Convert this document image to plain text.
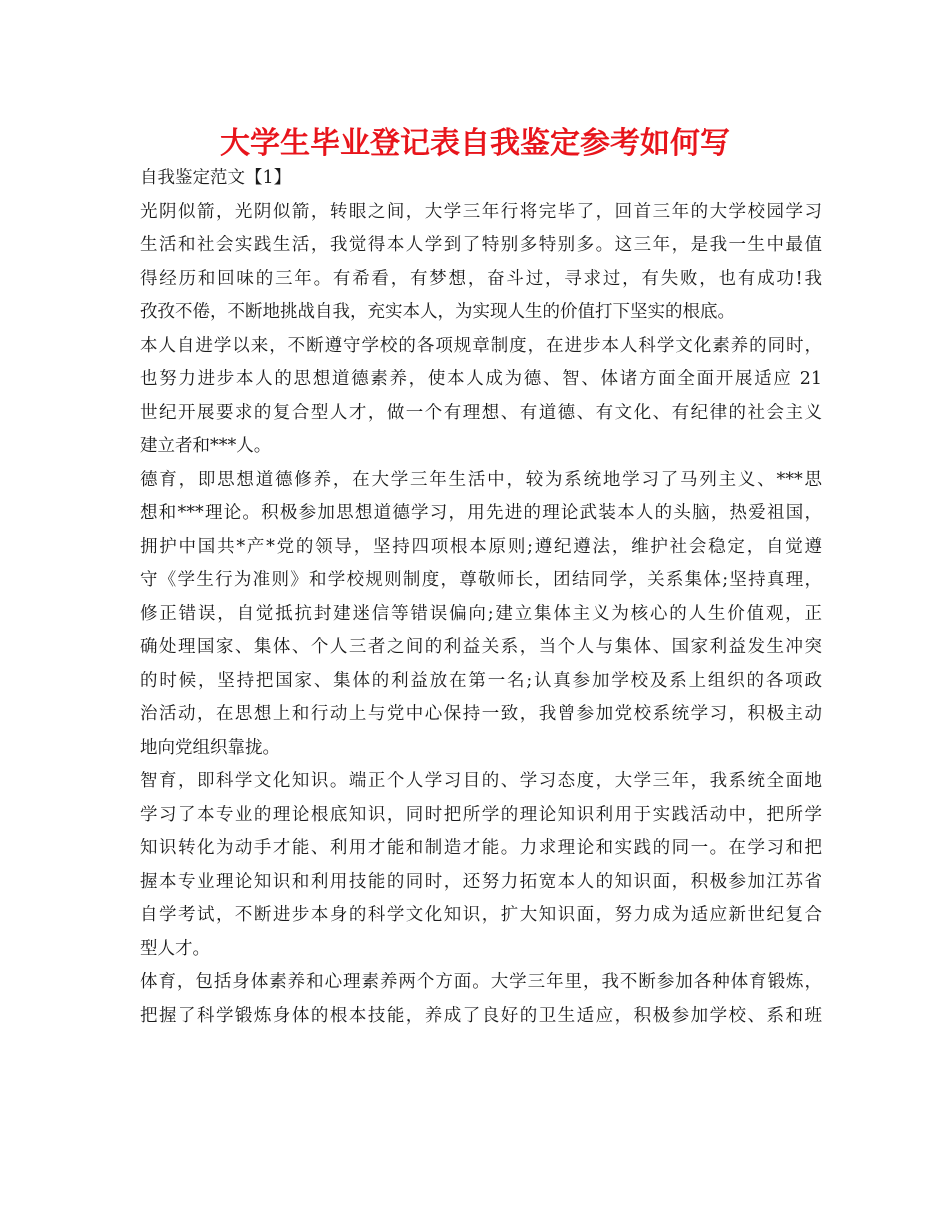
大学生毕业登记表自我鉴定参考如何写
自我鉴定范文【1】
光阴似箭，光阴似箭，转眼之间，大学三年行将完毕了，回首三年的大学校园学习
生活和社会实践生活，我觉得本人学到了特别多特别多。这三年，是我一生中最值
得经历和回味的三年。有希看，有梦想，奋斗过，寻求过，有失败，也有成功!我
孜孜不倦，不断地挑战自我，充实本人，为实现人生的价值打下坚实的根底。
本人自进学以来，不断遵守学校的各项规章制度，在进步本人科学文化素养的同时，
也努力进步本人的思想道德素养，使本人成为德、智、体诸方面全面开展适应 21
世纪开展要求的复合型人才，做一个有理想、有道德、有文化、有纪律的社会主义
建立者和***人。
德育，即思想道德修养，在大学三年生活中，较为系统地学习了马列主义、***思
想和***理论。积极参加思想道德学习，用先进的理论武装本人的头脑，热爱祖国，
拥护中国共*产*党的领导，坚持四项根本原则;遵纪遵法，维护社会稳定，自觉遵
守《学生行为准则》和学校规则制度，尊敬师长，团结同学，关系集体;坚持真理，
修正错误，自觉抵抗封建迷信等错误偏向;建立集体主义为核心的人生价值观，正
确处理国家、集体、个人三者之间的利益关系，当个人与集体、国家利益发生冲突
的时候，坚持把国家、集体的利益放在第一名;认真参加学校及系上组织的各项政
治活动，在思想上和行动上与党中心保持一致，我曾参加党校系统学习，积极主动
地向党组织靠拢。
智育，即科学文化知识。端正个人学习目的、学习态度，大学三年，我系统全面地
学习了本专业的理论根底知识，同时把所学的理论知识利用于实践活动中，把所学
知识转化为动手才能、利用才能和制造才能。力求理论和实践的同一。在学习和把
握本专业理论知识和利用技能的同时，还努力拓宽本人的知识面，积极参加江苏省
自学考试，不断进步本身的科学文化知识，扩大知识面，努力成为适应新世纪复合
型人才。
体育，包括身体素养和心理素养两个方面。大学三年里，我不断参加各种体育锻炼，
把握了科学锻炼身体的根本技能，养成了良好的卫生适应，积极参加学校、系和班
